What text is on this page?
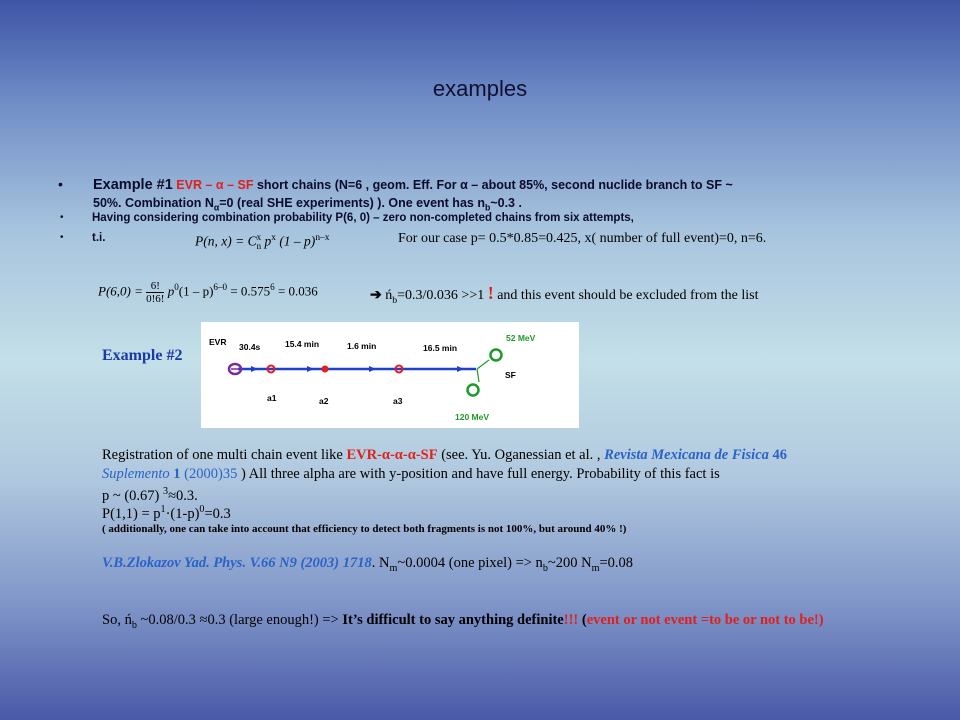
examples
• Example #1 EVR – α – SF short chains (N=6 , geom. Eff. For α – about 85%, second nuclide branch to SF ~
50%. Combination $N_\alpha=0$ (real SHE experiments) ). One event has $n_b\sim 0.3$ .
• Having considering combination probability P(6, 0) – zero non-completed chains from six attempts,
• t.i.	P(n, x) = C x
n $p^x$ (1 – p)$^{n-x}$	For our case p= 0.5*0.85=0.425, x( number of full event)=0, n=6.
$P(6,0) = \frac{6!}{0!6!} p^0(1 - p)^{6-0} = 0.575^6 = 0.036$	➔ $ń_b=0.3/0.036 >>1$ ! and this event should be excluded from the list
Example #2
EVR 30.4s	15.4 min	1.6 min	16.5 min
52 MeV
SF
120 MeV
a1	a2	a3
Registration of one multi chain event like EVR-α-α-α-SF (see. Yu. Oganessian et al. , Revista Mexicana de Fisica 46
Suplemento 1 (2000)35 ) All three alpha are with y-position and have full energy. Probability of this fact is
p ~ (0.67) $^3$≈0.3.
$P(1,1) = p^1\cdot(1-p)^0=0.3$
( additionally, one can take into account that efficiency to detect both fragments is not 100%, but around 40% !)
V.B.Zlokazov Yad. Phys. V.66 N9 (2003) 1718. $N_m\sim 0.0004$ (one pixel) => $n_b\sim 200$ $N_m=0.08$
So, $ń_b$ ~0.08/0.3 ≈0.3 (large enough!) => It’s difficult to say anything definite!!! (event or not event =to be or not to be!)
